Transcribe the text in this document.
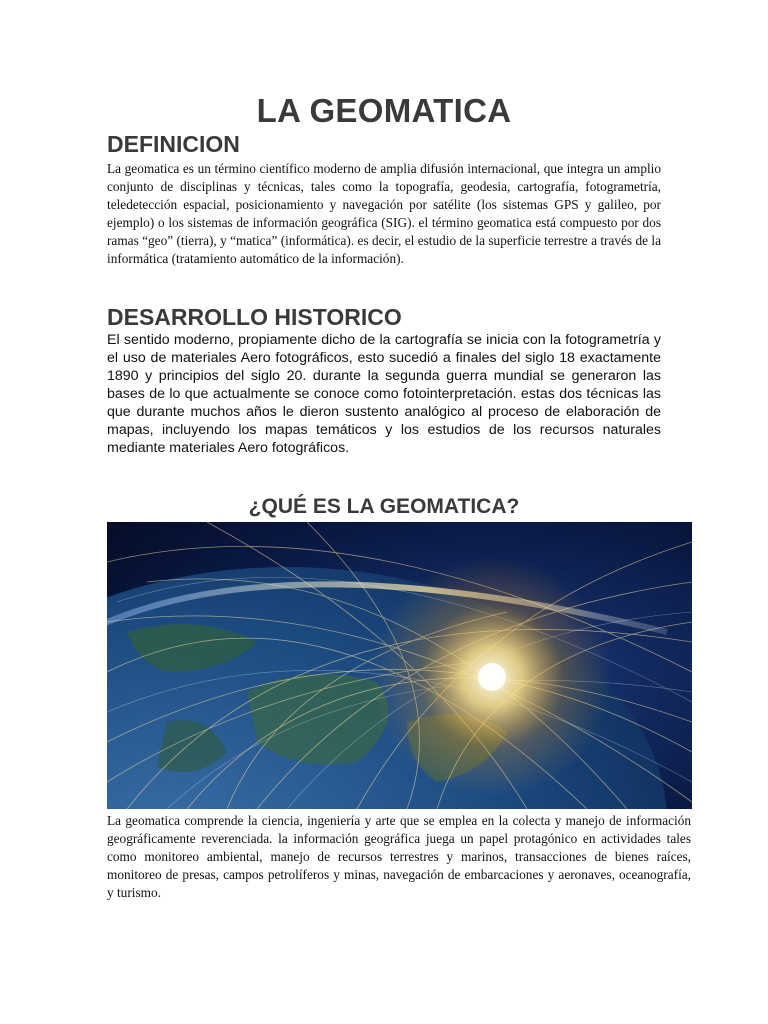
LA GEOMATICA
DEFINICION

La geomatica es un término científico moderno de amplia difusión internacional, que integra un amplio conjunto de disciplinas y técnicas, tales como la topografía, geodesia, cartografía, fotogrametría, teledetección espacial, posicionamiento y navegación por satélite (los sistemas GPS y galileo, por ejemplo) o los sistemas de información geográfica (SIG). el término geomatica está compuesto por dos ramas “geo” (tierra), y “matica” (informática). es decir, el estudio de la superficie terrestre a través de la informática (tratamiento automático de la información).

DESARROLLO HISTORICO

El sentido moderno, propiamente dicho de la cartografía se inicia con la fotogrametría y el uso de materiales Aero fotográficos, esto sucedió a finales del siglo 18 exactamente 1890 y principios del siglo 20. durante la segunda guerra mundial se generaron las bases de lo que actualmente se conoce como fotointerpretación. estas dos técnicas las que durante muchos años le dieron sustento analógico al proceso de elaboración de mapas, incluyendo los mapas temáticos y los estudios de los recursos naturales mediante materiales Aero fotográficos.

¿QUÉ ES LA GEOMATICA?

La geomatica comprende la ciencia, ingeniería y arte que se emplea en la colecta y manejo de información geográficamente reverenciada. la información geográfica juega un papel protagónico en actividades tales como monitoreo ambiental, manejo de recursos terrestres y marinos, transacciones de bienes raíces, monitoreo de presas, campos petrolíferos y minas, navegación de embarcaciones y aeronaves, oceanografía, y turismo.
